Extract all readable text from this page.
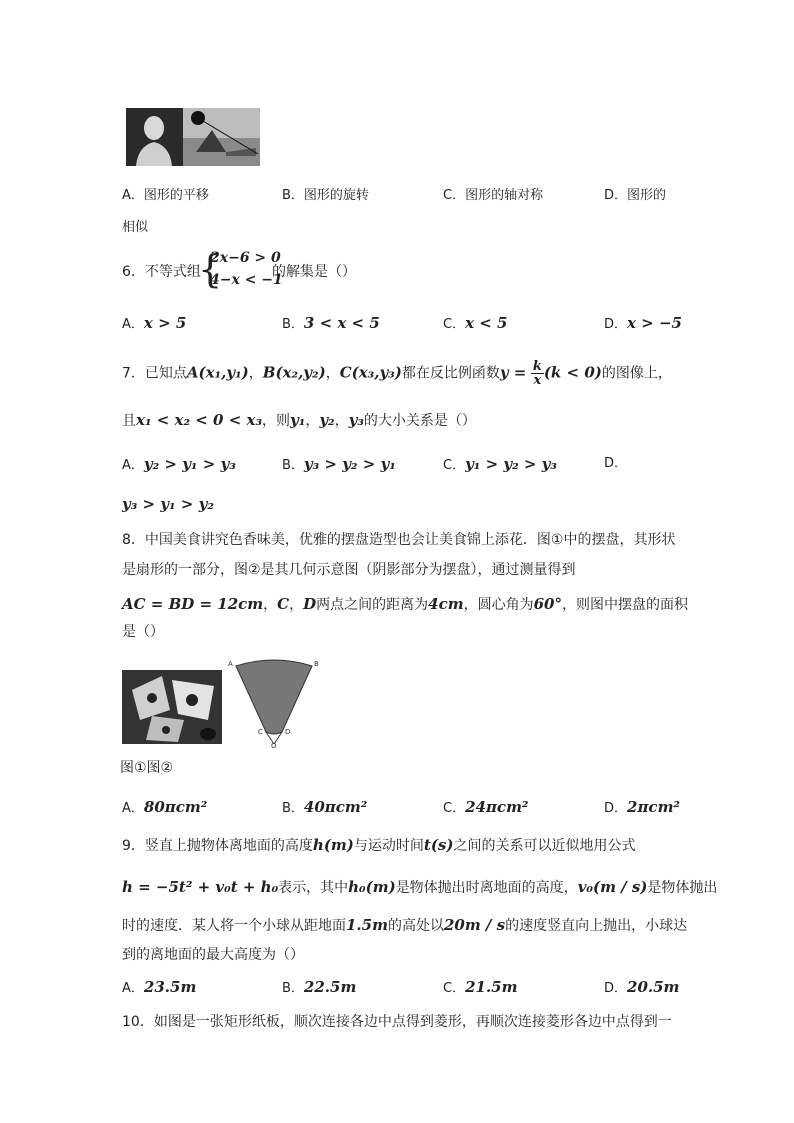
A．图形的平移	B．图形的旋转	C．图形的轴对称	D．图形的
相似
6．不等式组
{
2x−6 > 0
4−x < −1
的解集是（）
A．x > 5	B．3 < x < 5	C．x < 5	D．x > −5
7．已知点A(x₁,y₁)，B(x₂,y₂)，C(x₃,y₃)都在反比例函数$y = \frac{k}{x} (k < 0)$的图像上，
且x₁ < x₂ < 0 < x₃，则y₁，y₂，y₃的大小关系是（）
A．y₂ > y₁ > y₃	B．y₃ > y₂ > y₁	C．y₁ > y₂ > y₃	D．
y₃ > y₁ > y₂
8．中国美食讲究色香味美，优雅的摆盘造型也会让美食锦上添花．图①中的摆盘，其形状
是扇形的一部分，图②是其几何示意图（阴影部分为摆盘），通过测量得到
AC = BD = 12cm，C，D两点之间的距离为4cm，圆心角为60°，则图中摆盘的面积
是（）
A	B
C	D
O
图①图②
A．80πcm²	B．40πcm²	C．24πcm²	D．2πcm²
9．竖直上抛物体离地面的高度h(m)与运动时间t(s)之间的关系可以近似地用公式
h = −5t² + v₀t + h₀表示，其中h₀(m)是物体抛出时离地面的高度，v₀(m / s)是物体抛出
时的速度．某人将一个小球从距地面1.5m的高处以20m / s的速度竖直向上抛出，小球达
到的离地面的最大高度为（）
A．23.5m	B．22.5m	C．21.5m	D．20.5m
10．如图是一张矩形纸板，顺次连接各边中点得到菱形，再顺次连接菱形各边中点得到一
